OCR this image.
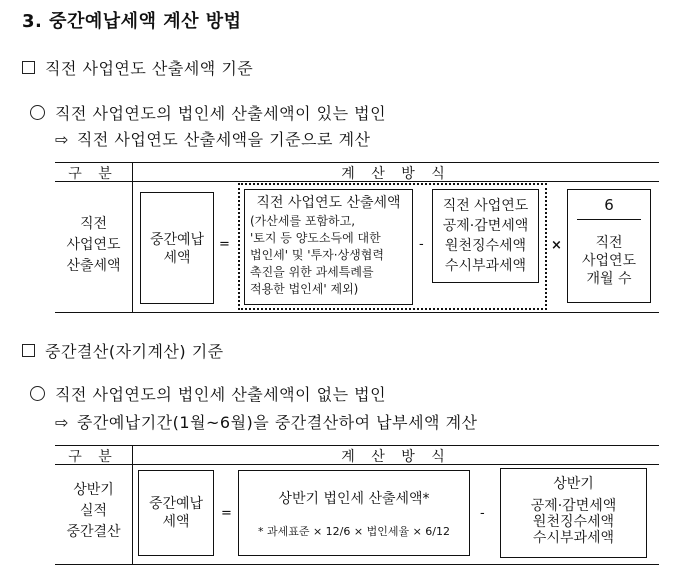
3. 중간예납세액 계산 방법
직전 사업연도 산출세액 기준
직전 사업연도의 법인세 산출세액이 있는 법인
⇨ 직전 사업연도 산출세액을 기준으로 계산
구 분	계 산 방 식
직전
사업연도
산출세액
중간예납
세액
=
직전 사업연도 산출세액
(가산세를 포함하고,
'토지 등 양도소득에 대한
법인세' 및 '투자·상생협력
촉진을 위한 과세특례를
적용한 법인세' 제외)
-
직전 사업연도
공제·감면세액
원천징수세액
수시부과세액
×
6
직전
사업연도
개월 수
중간결산(자기계산) 기준
직전 사업연도의 법인세 산출세액이 없는 법인
⇨ 중간예납기간(1월~6월)을 중간결산하여 납부세액 계산
구 분	계 산 방 식
상반기
실적
중간결산
중간예납
세액
=
상반기 법인세 산출세액*
* 과세표준 × 12/6 × 법인세율 × 6/12
-
상반기
공제·감면세액
원천징수세액
수시부과세액
